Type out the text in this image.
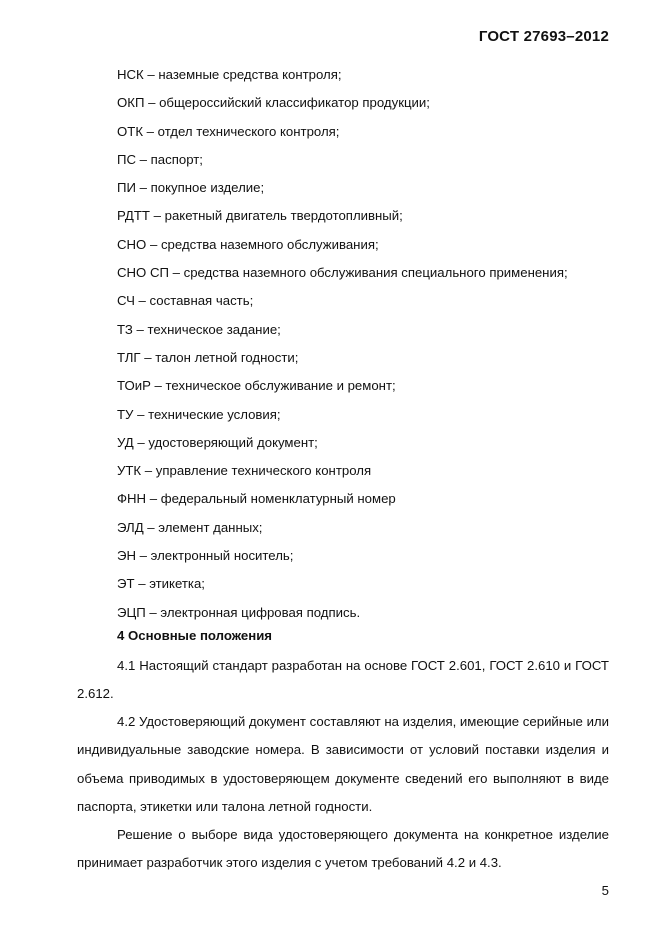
ГОСТ 27693–2012
НСК – наземные средства контроля;
ОКП – общероссийский классификатор продукции;
ОТК – отдел технического контроля;
ПС – паспорт;
ПИ – покупное изделие;
РДТТ – ракетный двигатель твердотопливный;
СНО – средства наземного обслуживания;
СНО СП – средства наземного обслуживания специального применения;
СЧ – составная часть;
ТЗ – техническое задание;
ТЛГ – талон летной годности;
ТОиР – техническое обслуживание и ремонт;
ТУ – технические условия;
УД – удостоверяющий документ;
УТК – управление технического контроля
ФНН – федеральный номенклатурный номер
ЭЛД – элемент данных;
ЭН – электронный носитель;
ЭТ – этикетка;
ЭЦП – электронная цифровая подпись.
4 Основные положения

4.1 Настоящий стандарт разработан на основе ГОСТ 2.601, ГОСТ 2.610 и ГОСТ 2.612.

4.2 Удостоверяющий документ составляют на изделия, имеющие серийные или индивидуальные заводские номера. В зависимости от условий поставки изделия и объема приводимых в удостоверяющем документе сведений его выполняют в виде паспорта, этикетки или талона летной годности.

Решение о выборе вида удостоверяющего документа на конкретное изделие принимает разработчик этого изделия с учетом требований 4.2 и 4.3.

5
